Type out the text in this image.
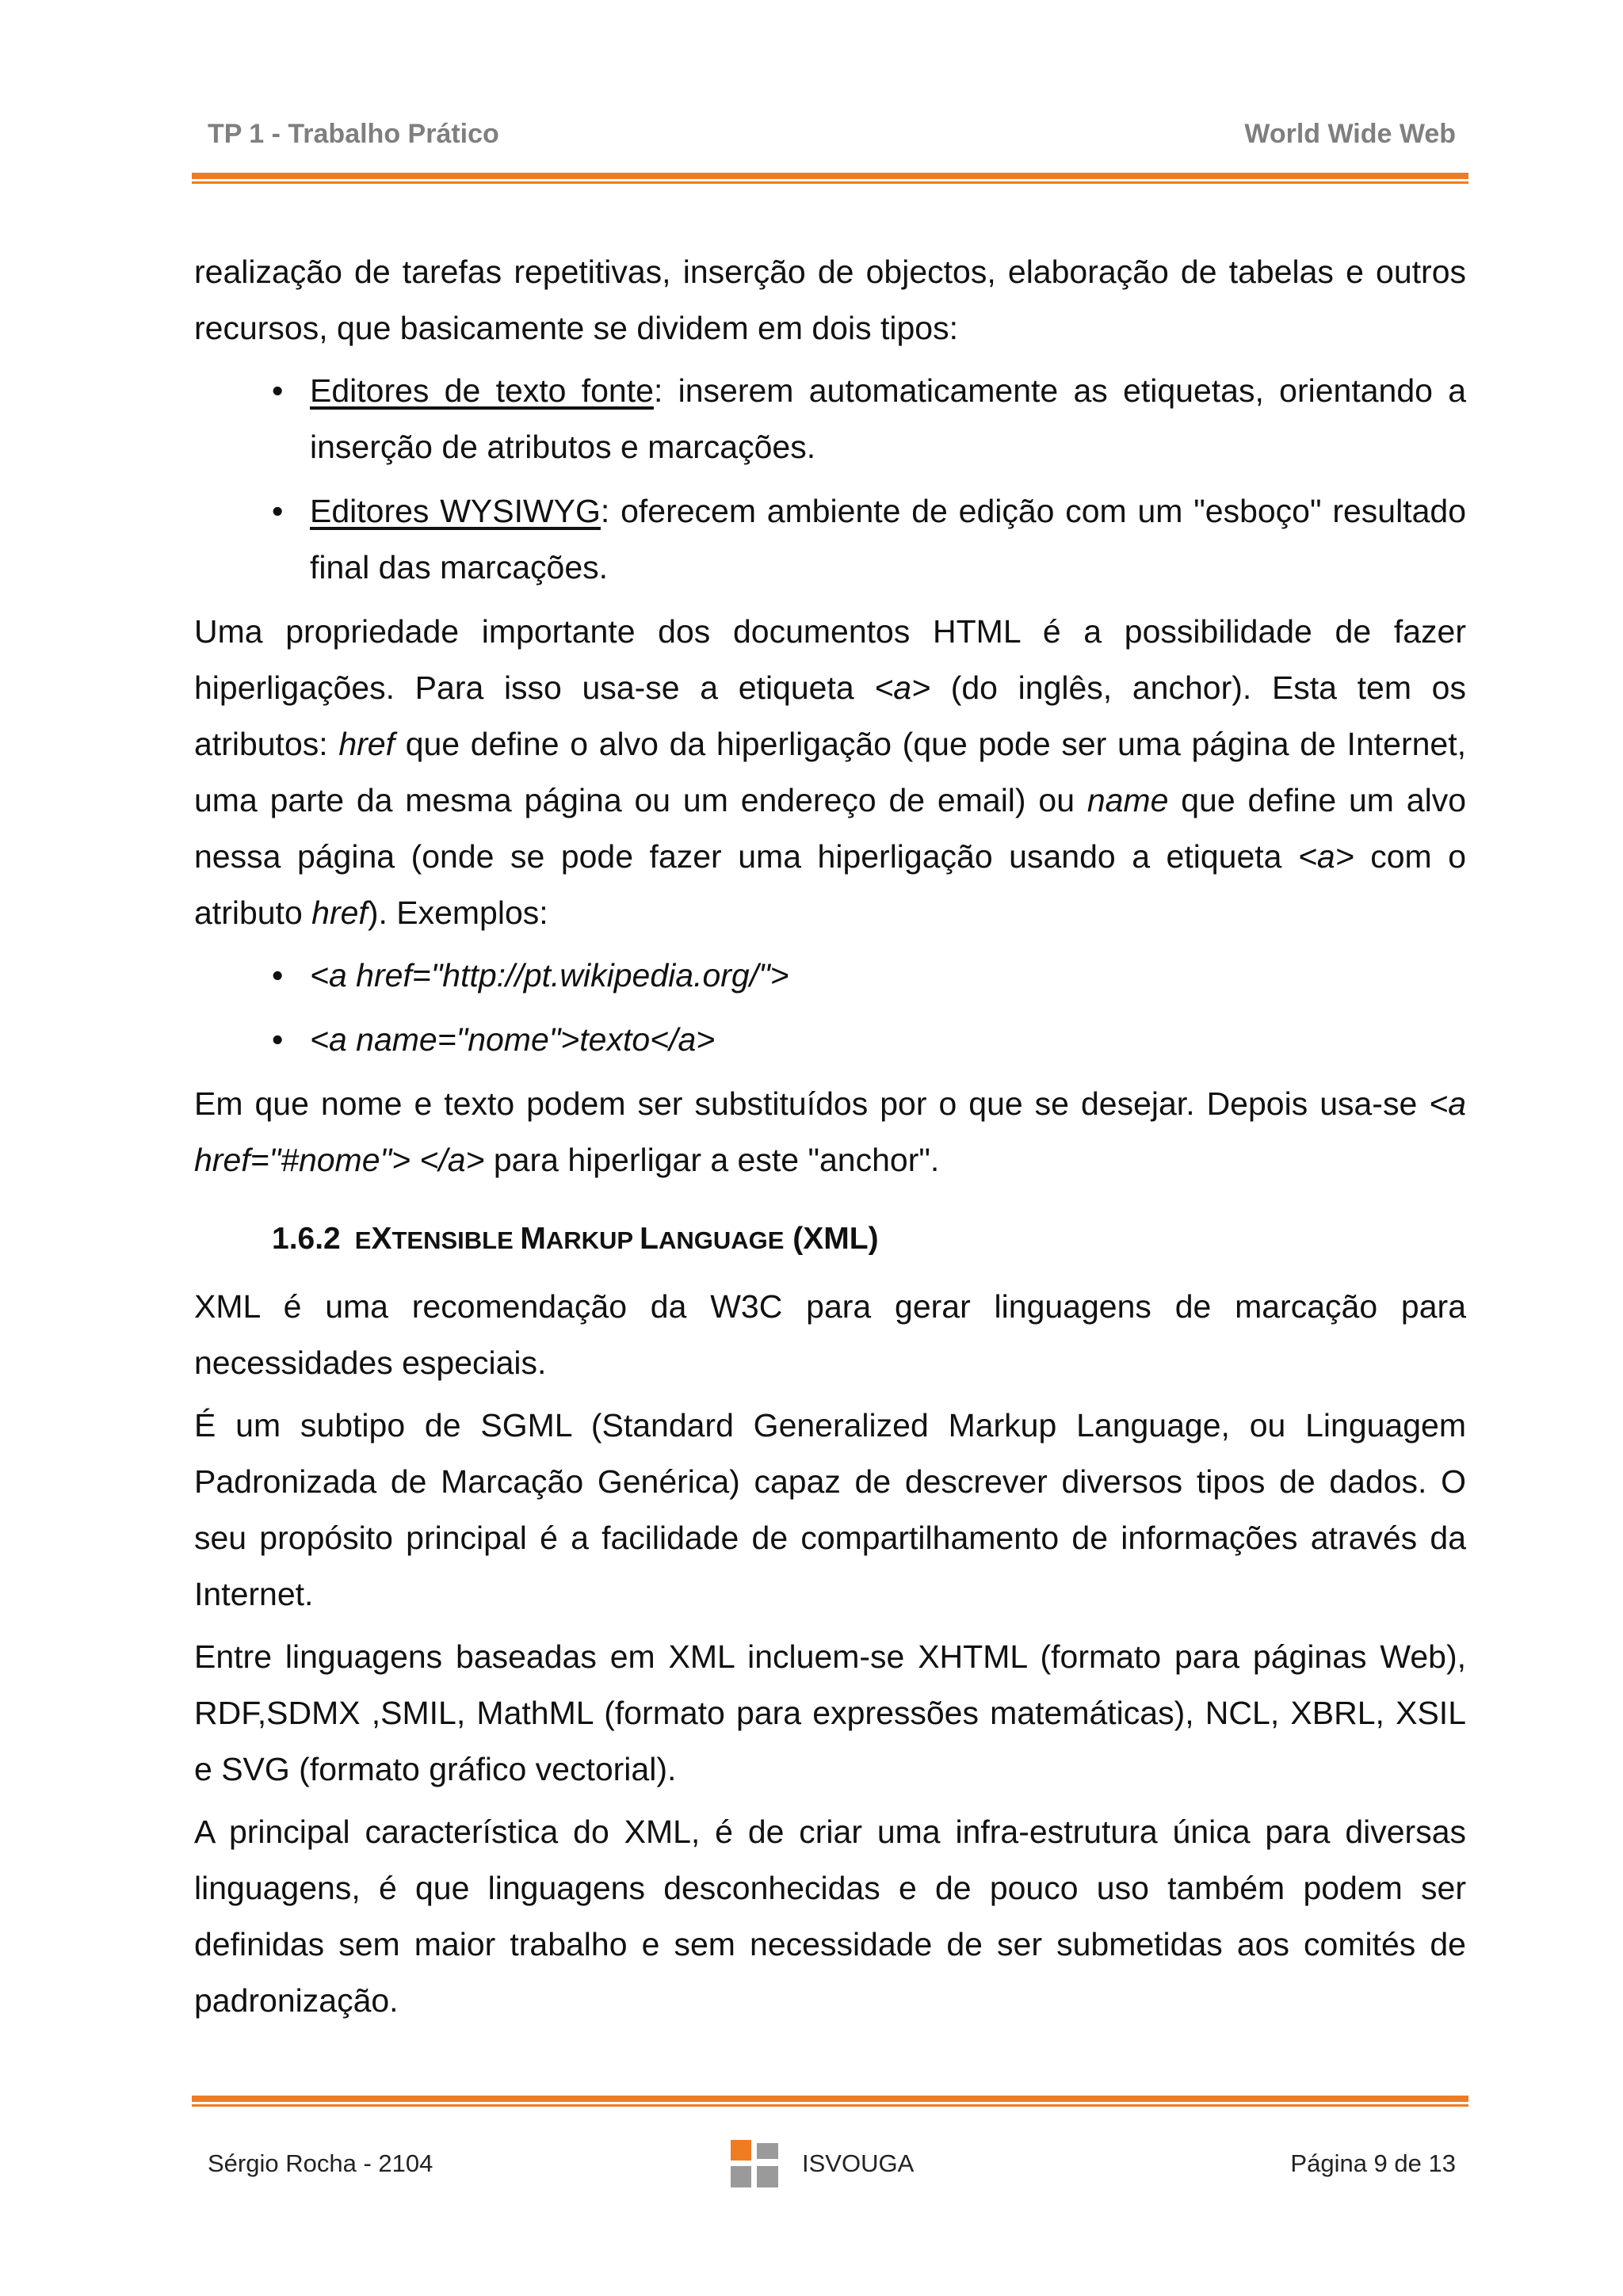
TP 1 - Trabalho Prático	World Wide Web

realização de tarefas repetitivas, inserção de objectos, elaboração de tabelas e outros recursos, que basicamente se dividem em dois tipos:

• Editores de texto fonte: inserem automaticamente as etiquetas, orientando a inserção de atributos e marcações.
• Editores WYSIWYG: oferecem ambiente de edição com um "esboço" resultado final das marcações.

Uma propriedade importante dos documentos HTML é a possibilidade de fazer hiperligações. Para isso usa-se a etiqueta <a> (do inglês, anchor). Esta tem os atributos: href que define o alvo da hiperligação (que pode ser uma página de Internet, uma parte da mesma página ou um endereço de email) ou name que define um alvo nessa página (onde se pode fazer uma hiperligação usando a etiqueta <a> com o atributo href). Exemplos:

• <a href="http://pt.wikipedia.org/">
• <a name="nome">texto</a>

Em que nome e texto podem ser substituídos por o que se desejar. Depois usa-se <a href="#nome"> </a> para hiperligar a este "anchor".

1.6.2 EXTENSIBLE MARKUP LANGUAGE (XML)

XML é uma recomendação da W3C para gerar linguagens de marcação para necessidades especiais.

É um subtipo de SGML (Standard Generalized Markup Language, ou Linguagem Padronizada de Marcação Genérica) capaz de descrever diversos tipos de dados. O seu propósito principal é a facilidade de compartilhamento de informações através da Internet.

Entre linguagens baseadas em XML incluem-se XHTML (formato para páginas Web), RDF,SDMX ,SMIL, MathML (formato para expressões matemáticas), NCL, XBRL, XSIL e SVG (formato gráfico vectorial).

A principal característica do XML, é de criar uma infra-estrutura única para diversas linguagens, é que linguagens desconhecidas e de pouco uso também podem ser definidas sem maior trabalho e sem necessidade de ser submetidas aos comités de padronização.

Sérgio Rocha - 2104	ISVOUGA	Página 9 de 13
